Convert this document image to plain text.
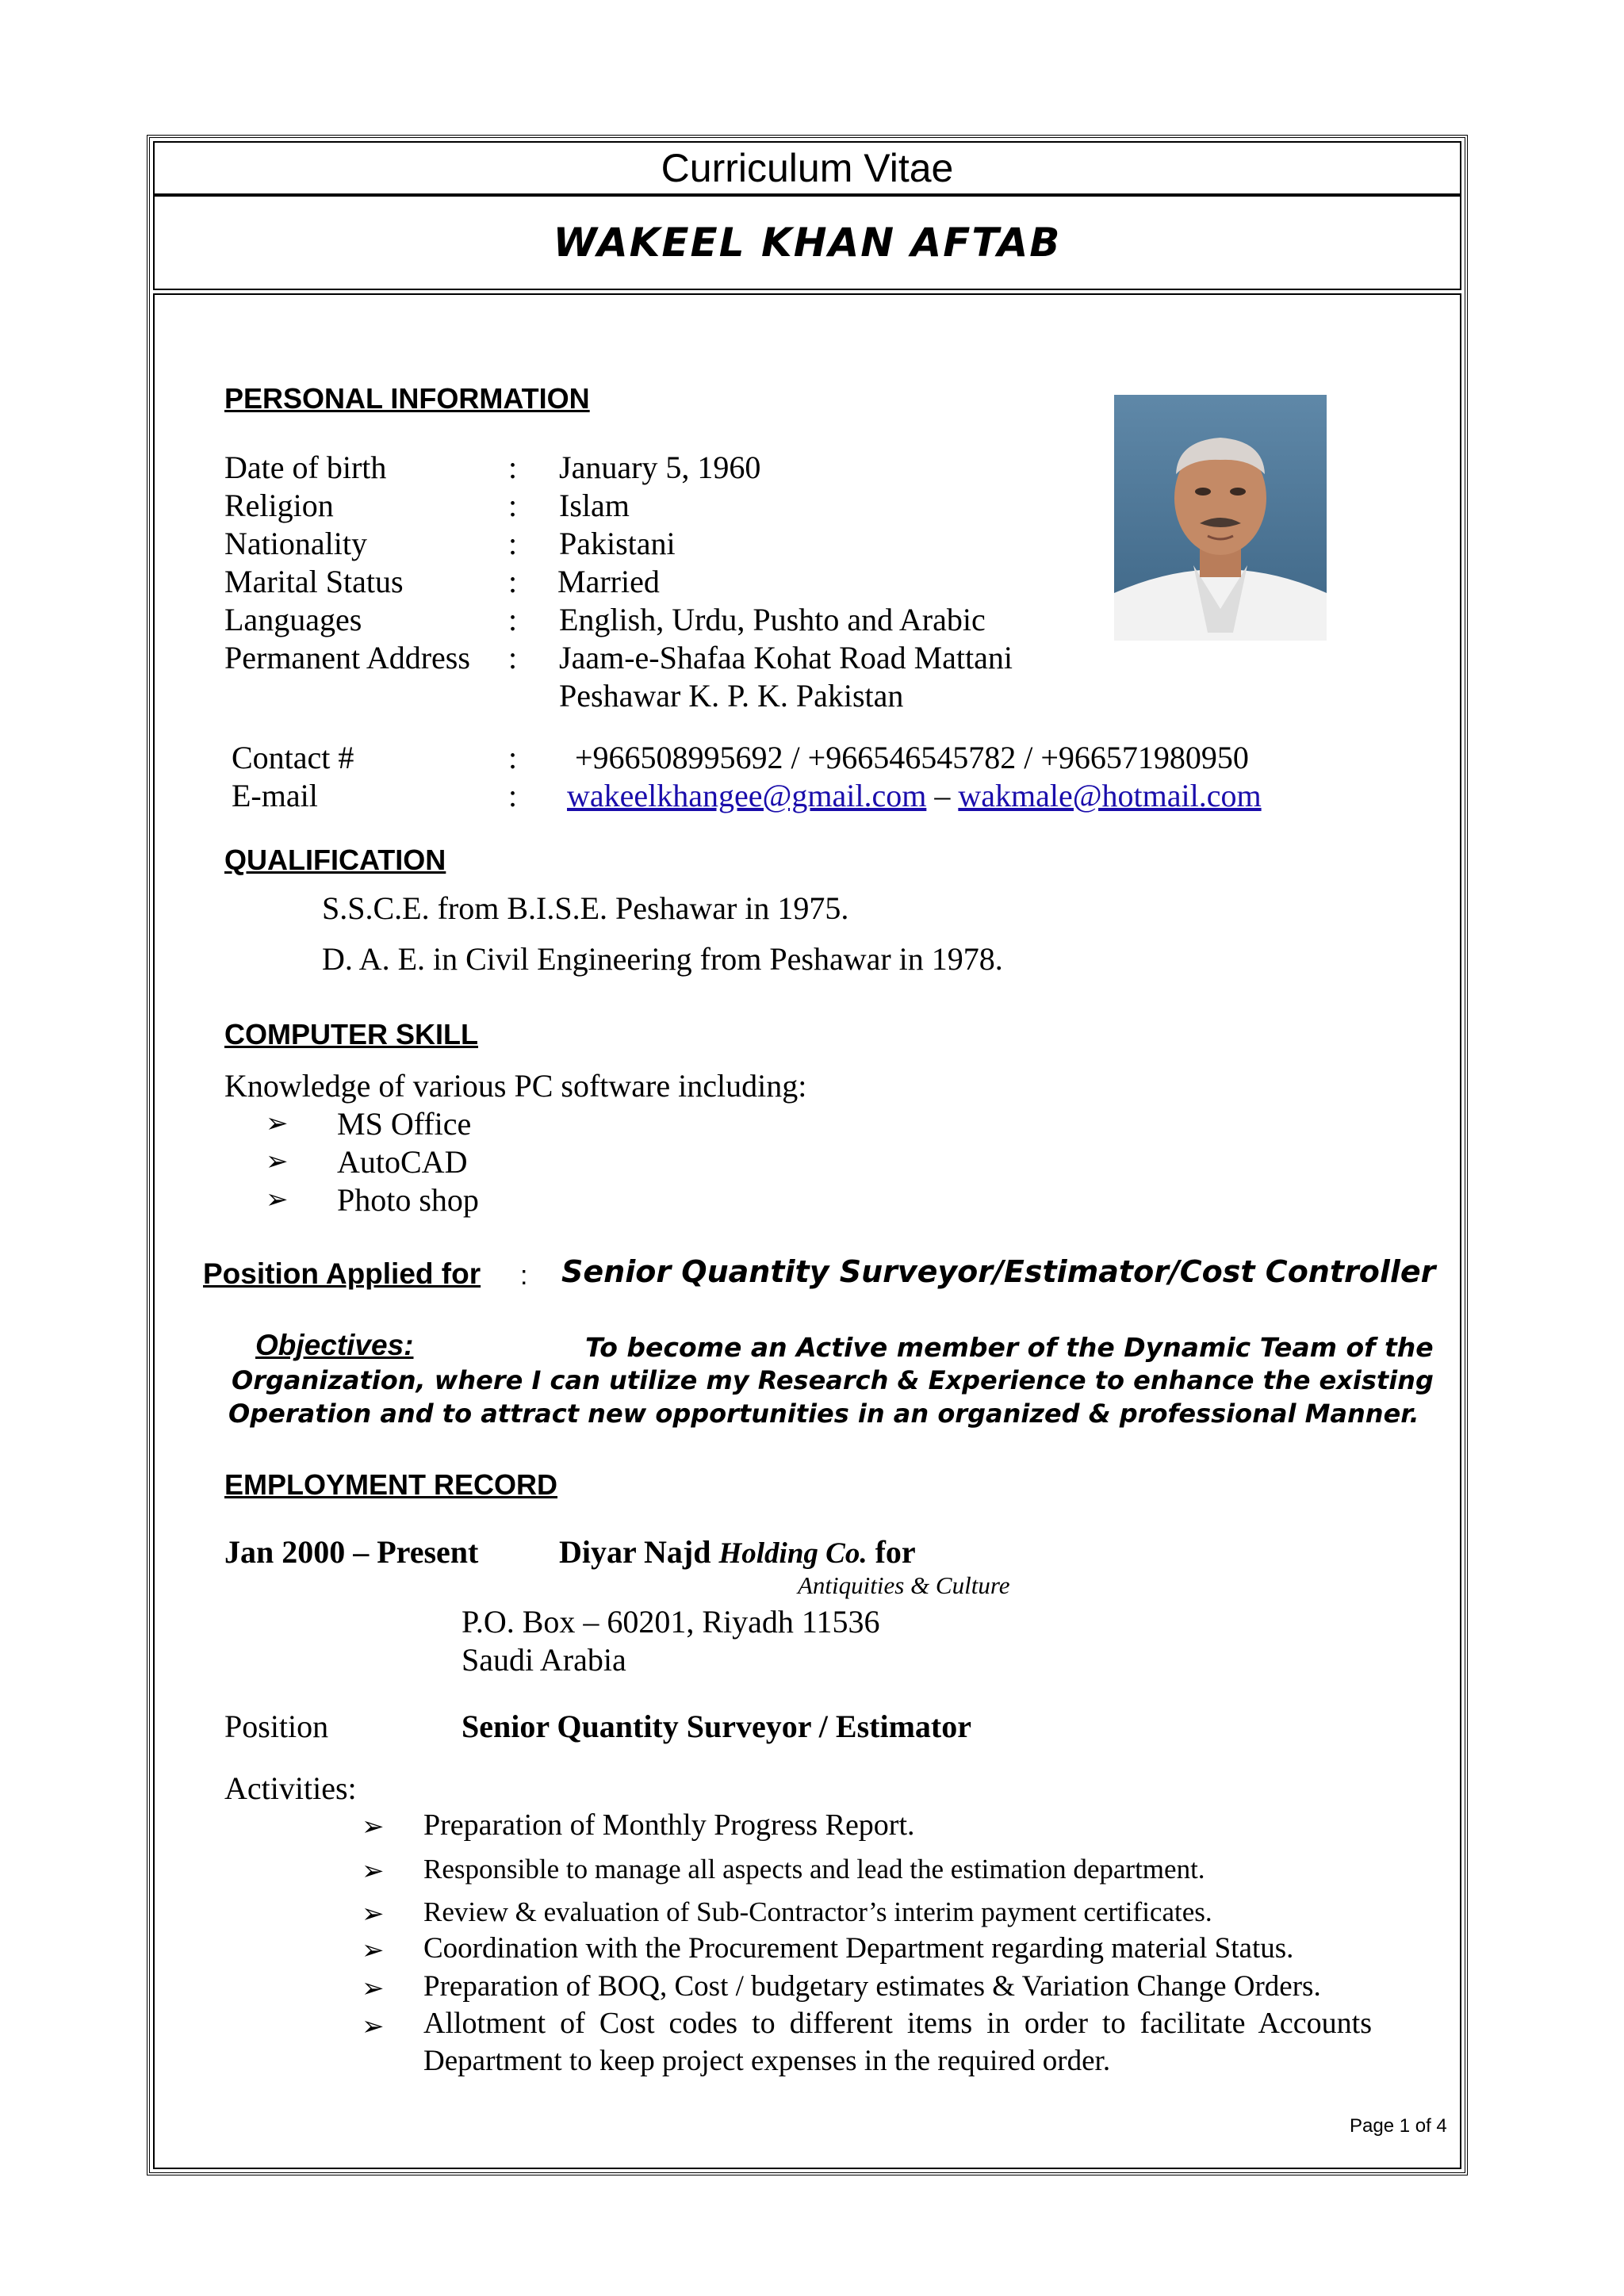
Curriculum Vitae
WAKEEL KHAN AFTAB
PERSONAL INFORMATION
Date of birth	: January 5, 1960
Religion	: Islam
Nationality	: Pakistani
Marital Status	: Married
Languages	: English, Urdu, Pushto and Arabic
Permanent Address : Jaam-e-Shafaa Kohat Road Mattani
Peshawar K. P. K. Pakistan
Contact #	: +966508995692 / +966546545782 / +966571980950
E-mail	: wakeelkhangee@gmail.com – wakmale@hotmail.com
QUALIFICATION
S.S.C.E. from B.I.S.E. Peshawar in 1975.
D. A. E. in Civil Engineering from Peshawar in 1978.
COMPUTER SKILL
Knowledge of various PC software including:
➢ MS Office
➢ AutoCAD
➢ Photo shop
Position Applied for : Senior Quantity Surveyor/Estimator/Cost Controller
Objectives:	To become an Active member of the Dynamic Team of the
Organization, where I can utilize my Research & Experience to enhance the existing
Operation and to attract new opportunities in an organized & professional Manner.
EMPLOYMENT RECORD
Jan 2000 – Present	Diyar Najd Holding Co. for
Antiquities & Culture
P.O. Box – 60201, Riyadh 11536
Saudi Arabia
Position	Senior Quantity Surveyor / Estimator
Activities:
➢ Preparation of Monthly Progress Report.
➢ Responsible to manage all aspects and lead the estimation department.
➢ Review & evaluation of Sub-Contractor’s interim payment certificates.
➢ Coordination with the Procurement Department regarding material Status.
➢ Preparation of BOQ, Cost / budgetary estimates & Variation Change Orders.
➢ Allotment of Cost codes to different items in order to facilitate Accounts
Department to keep project expenses in the required order.
Page 1 of 4
